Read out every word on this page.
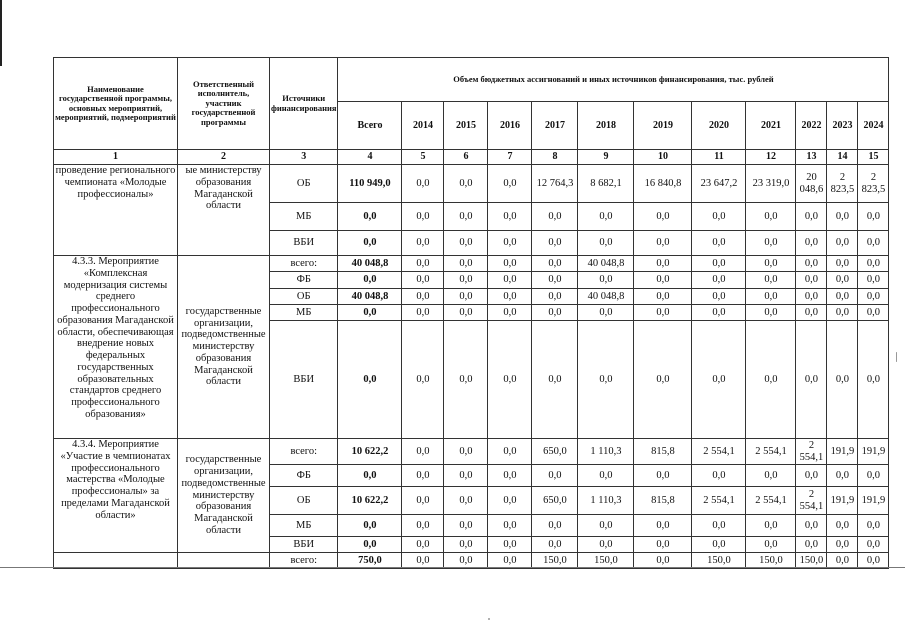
Наименование государственной программы, основных мероприятий, мероприятий, подмероприятий	Ответственный исполнитель, участник государственной программы	Источники финансирования	Объем бюджетных ассигнований и иных источников финансирования, тыс. рублей											
			Всего	2014	2015	2016	2017	2018	2019	2020	2021	2022	2023	2024
1	2	3	4	5	6	7	8	9	10	11	12	13	14	15
проведение регионального чемпионата «Молодые профессионалы»	ые министерству образования Магаданской области	ОБ	110 949,0	0,0	0,0	0,0	12 764,3	8 682,1	16 840,8	23 647,2	23 319,0	20 048,6	2 823,5	2 823,5
		МБ	0,0	0,0	0,0	0,0	0,0	0,0	0,0	0,0	0,0	0,0	0,0	0,0
		ВБИ	0,0	0,0	0,0	0,0	0,0	0,0	0,0	0,0	0,0	0,0	0,0	0,0
4.3.3. Мероприятие «Комплексная модернизация системы среднего профессионального образования Магаданской области, обеспечивающая внедрение новых федеральных государственных образовательных стандартов среднего профессионального образования»	государственные организации, подведомственные министерству образования Магаданской области	всего:	40 048,8	0,0	0,0	0,0	0,0	40 048,8	0,0	0,0	0,0	0,0	0,0	0,0
		ФБ	0,0	0,0	0,0	0,0	0,0	0,0	0,0	0,0	0,0	0,0	0,0	0,0
		ОБ	40 048,8	0,0	0,0	0,0	0,0	40 048,8	0,0	0,0	0,0	0,0	0,0	0,0
		МБ	0,0	0,0	0,0	0,0	0,0	0,0	0,0	0,0	0,0	0,0	0,0	0,0
		ВБИ	0,0	0,0	0,0	0,0	0,0	0,0	0,0	0,0	0,0	0,0	0,0	0,0
4.3.4. Мероприятие «Участие в чемпионатах профессионального мастерства «Молодые профессионалы» за пределами Магаданской области»	государственные организации, подведомственные министерству образования Магаданской области	всего:	10 622,2	0,0	0,0	0,0	650,0	1 110,3	815,8	2 554,1	2 554,1	2 554,1	191,9	191,9
		ФБ	0,0	0,0	0,0	0,0	0,0	0,0	0,0	0,0	0,0	0,0	0,0	0,0
		ОБ	10 622,2	0,0	0,0	0,0	650,0	1 110,3	815,8	2 554,1	2 554,1	2 554,1	191,9	191,9
		МБ	0,0	0,0	0,0	0,0	0,0	0,0	0,0	0,0	0,0	0,0	0,0	0,0
		ВБИ	0,0	0,0	0,0	0,0	0,0	0,0	0,0	0,0	0,0	0,0	0,0	0,0
		всего:	750,0	0,0	0,0	0,0	150,0	150,0	0,0	150,0	150,0	150,0	0,0	0,0
